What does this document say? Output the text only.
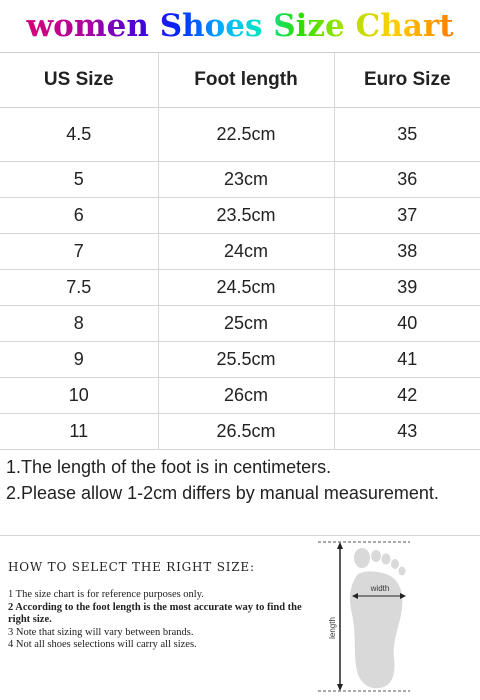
women Shoes Size Chart
US Size	Foot length	Euro Size
4.5	22.5cm	35
5	23cm	36
6	23.5cm	37
7	24cm	38
7.5	24.5cm	39
8	25cm	40
9	25.5cm	41
10	26cm	42
11	26.5cm	43
1.The length of the foot is in centimeters.
2.Please allow 1-2cm differs by manual measurement.
HOW TO SELECT THE RIGHT SIZE:
1 The size chart is for reference purposes only.
2 According to the foot length is the most accurate way to find the right size.
3 Note that sizing will vary between brands.
4 Not all shoes selections will carry all sizes.
length
width
